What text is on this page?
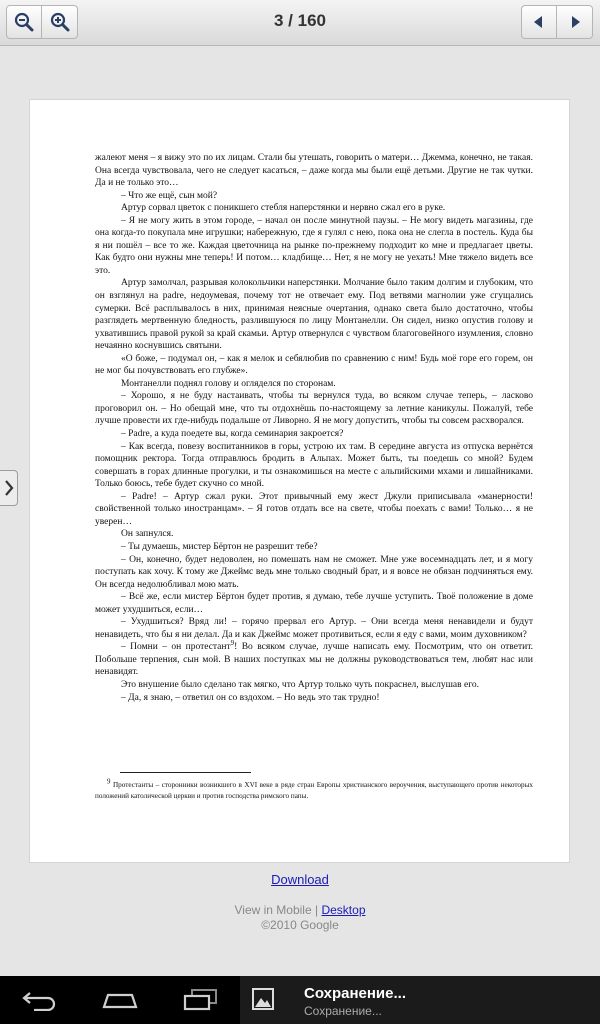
3 / 160

жалеют меня – я вижу это по их лицам. Стали бы утешать, говорить о матери… Джемма, конечно, не такая. Она всегда чувствовала, чего не следует касаться, – даже когда мы были ещё детьми. Другие не так чутки. Да и не только это…

– Что же ещё, сын мой?

Артур сорвал цветок с поникшего стебля наперстянки и нервно сжал его в руке.

– Я не могу жить в этом городе, – начал он после минутной паузы. – Не могу видеть магазины, где она когда-то покупала мне игрушки; набережную, где я гулял с нею, пока она не слегла в постель. Куда бы я ни пошёл – все то же. Каждая цветочница на рынке по-прежнему подходит ко мне и предлагает цветы. Как будто они нужны мне теперь! И потом… кладбище… Нет, я не могу не уехать! Мне тяжело видеть все это.

Артур замолчал, разрывая колокольчики наперстянки. Молчание было таким долгим и глубоким, что он взглянул на padre, недоумевая, почему тот не отвечает ему. Под ветвями магнолии уже сгущались сумерки. Всё расплывалось в них, принимая неясные очертания, однако света было достаточно, чтобы разглядеть мертвенную бледность, разлившуюся по лицу Монтанелли. Он сидел, низко опустив голову и ухватившись правой рукой за край скамьи. Артур отвернулся с чувством благоговейного изумления, словно нечаянно коснувшись святыни.

«О боже, – подумал он, – как я мелок и себялюбив по сравнению с ним! Будь моё горе его горем, он не мог бы почувствовать его глубже».

Монтанелли поднял голову и огляделся по сторонам.

– Хорошо, я не буду настаивать, чтобы ты вернулся туда, во всяком случае теперь, – ласково проговорил он. – Но обещай мне, что ты отдохнёшь по-настоящему за летние каникулы. Пожалуй, тебе лучше провести их где-нибудь подальше от Ливорно. Я не могу допустить, чтобы ты совсем расхворался.

– Padre, а куда поедете вы, когда семинария закроется?

– Как всегда, повезу воспитанников в горы, устрою их там. В середине августа из отпуска вернётся помощник ректора. Тогда отправлюсь бродить в Альпах. Может быть, ты поедешь со мной? Будем совершать в горах длинные прогулки, и ты ознакомишься на месте с альпийскими мхами и лишайниками. Только боюсь, тебе будет скучно со мной.

– Padre! – Артур сжал руки. Этот привычный ему жест Джули приписывала «манерности! свойственной только иностранцам». – Я готов отдать все на свете, чтобы поехать с вами! Только… я не уверен…

Он запнулся.

– Ты думаешь, мистер Бёртон не разрешит тебе?

– Он, конечно, будет недоволен, но помешать нам не сможет. Мне уже восемнадцать лет, и я могу поступать как хочу. К тому же Джеймс ведь мне только сводный брат, и я вовсе не обязан подчиняться ему. Он всегда недолюбливал мою мать.

– Всё же, если мистер Бёртон будет против, я думаю, тебе лучше уступить. Твоё положение в доме может ухудшиться, если…

– Ухудшиться? Вряд ли! – горячо прервал его Артур. – Они всегда меня ненавидели и будут ненавидеть, что бы я ни делал. Да и как Джеймс может противиться, если я еду с вами, моим духовником?

– Помни – он протестант$^9$! Во всяком случае, лучше написать ему. Посмотрим, что он ответит. Побольше терпения, сын мой. В наших поступках мы не должны руководствоваться тем, любят нас или ненавидят.

Это внушение было сделано так мягко, что Артур только чуть покраснел, выслушав его.

– Да, я знаю, – ответил он со вздохом. – Но ведь это так трудно!

$^9$ Протестанты – сторонники возникшего в XVI веке в ряде стран Европы христианского вероучения, выступающего против некоторых положений католической церкви и против господства римского папы.
Download
View in Mobile | Desktop
©2010 Google
Сохранение...
Сохранение...
